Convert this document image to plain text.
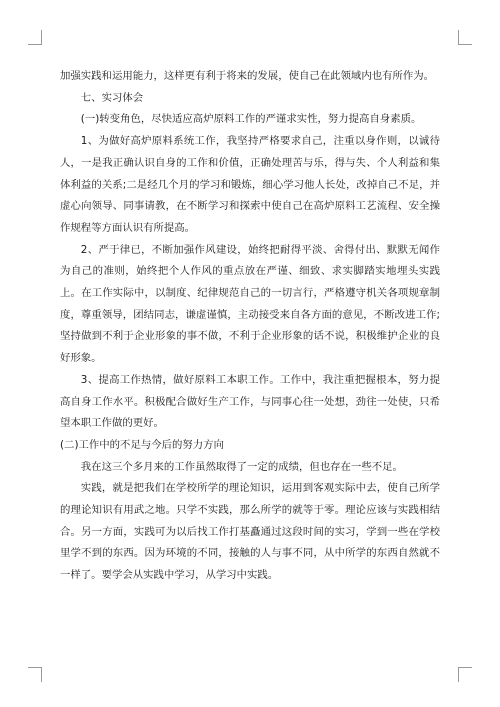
加强实践和运用能力，这样更有利于将来的发展，使自己在此领域内也有所作为。

七、实习体会

(一)转变角色，尽快适应高炉原料工作的严谨求实性，努力提高自身素质。

1、为做好高炉原料系统工作，我坚持严格要求自己，注重以身作则，以诚待人，一是我正确认识自身的工作和价值，正确处理苦与乐，得与失、个人利益和集体利益的关系;二是经几个月的学习和锻炼，细心学习他人长处，改掉自己不足，并虚心向领导、同事请教，在不断学习和探索中使自己在高炉原料工艺流程、安全操作规程等方面认识有所提高。

2、严于律已，不断加强作风建设，始终把耐得平淡、舍得付出、默默无闻作为自己的准则，始终把个人作风的重点放在严谨、细致、求实脚踏实地埋头实践上。在工作实际中，以制度、纪律规范自己的一切言行，严格遵守机关各项规章制度，尊重领导，团结同志，谦虚谨慎，主动接受来自各方面的意见，不断改进工作;坚持做到不利于企业形象的事不做，不利于企业形象的话不说，积极维护企业的良好形象。

3、提高工作热情，做好原料工本职工作。工作中，我注重把握根本，努力提高自身工作水平。积极配合做好生产工作，与同事心往一处想，劲往一处使，只希望本职工作做的更好。

(二)工作中的不足与今后的努力方向

我在这三个多月来的工作虽然取得了一定的成绩，但也存在一些不足。

实践，就是把我们在学校所学的理论知识，运用到客观实际中去，使自己所学的理论知识有用武之地。只学不实践，那么所学的就等于零。理论应该与实践相结合。另一方面，实践可为以后找工作打基矗通过这段时间的实习，学到一些在学校里学不到的东西。因为环境的不同，接触的人与事不同，从中所学的东西自然就不一样了。要学会从实践中学习，从学习中实践。
